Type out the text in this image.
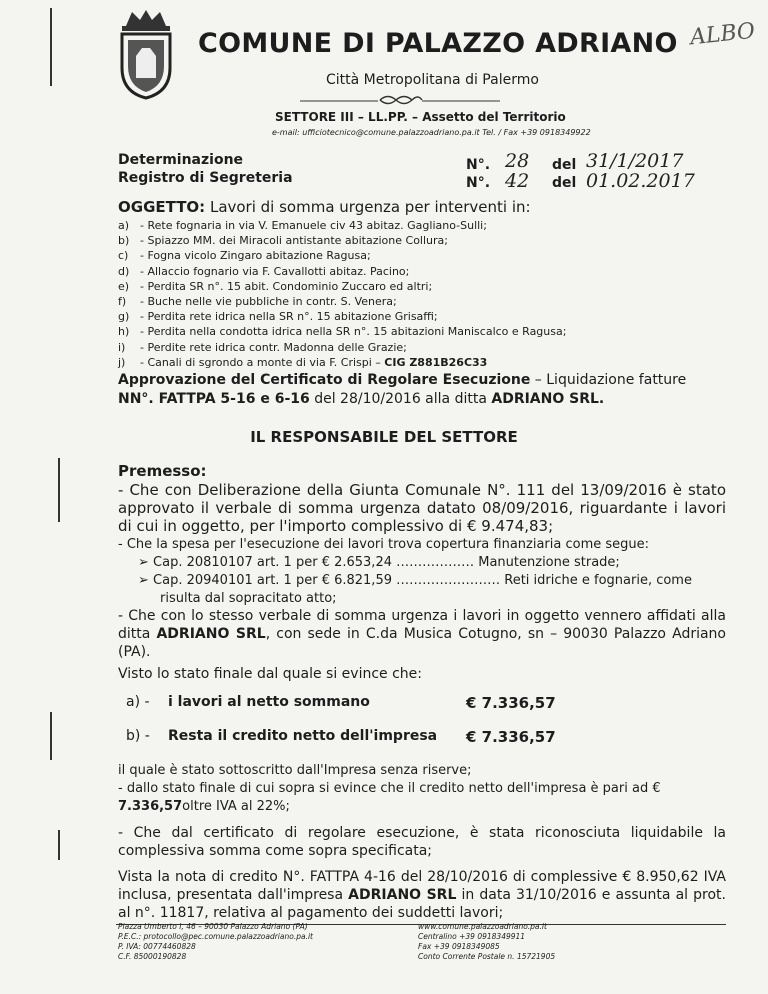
COMUNE DI PALAZZO ADRIANO ALBO
Città Metropolitana di Palermo
SETTORE III – LL.PP. – Assetto del Territorio
e-mail: ufficiotecnico@comune.palazzoadriano.pa.it Tel. / Fax +39 0918349922
Determinazione
Registro di Segreteria
N°.
N°.
28
42
del
del
31/1/2017
01.02.2017
OGGETTO: Lavori di somma urgenza per interventi in:
a) - Rete fognaria in via V. Emanuele civ 43 abitaz. Gagliano-Sulli;
b) - Spiazzo MM. dei Miracoli antistante abitazione Collura;
c) - Fogna vicolo Zingaro abitazione Ragusa;
d) - Allaccio fognario via F. Cavallotti abitaz. Pacino;
e) - Perdita SR n°. 15 abit. Condominio Zuccaro ed altri;
f) - Buche nelle vie pubbliche in contr. S. Venera;
g) - Perdita rete idrica nella SR n°. 15 abitazione Grisaffi;
h) - Perdita nella condotta idrica nella SR n°. 15 abitazioni Maniscalco e Ragusa;
i) - Perdite rete idrica contr. Madonna delle Grazie;
j) - Canali di sgrondo a monte di via F. Crispi – CIG Z881B26C33
Approvazione del Certificato di Regolare Esecuzione – Liquidazione fatture
NN°. FATTPA 5-16 e 6-16 del 28/10/2016 alla ditta ADRIANO SRL.
IL RESPONSABILE DEL SETTORE
Premesso:
- Che con Deliberazione della Giunta Comunale N°. 111 del 13/09/2016 è stato approvato il verbale di somma urgenza datato 08/09/2016, riguardante i lavori di cui in oggetto, per l'importo complessivo di € 9.474,83;
- Che la spesa per l'esecuzione dei lavori trova copertura finanziaria come segue:
➢ Cap. 20810107 art. 1 per € 2.653,24 ……………… Manutenzione strade;
➢ Cap. 20940101 art. 1 per € 6.821,59 …………………… Reti idriche e fognarie, come
risulta dal sopracitato atto;
- Che con lo stesso verbale di somma urgenza i lavori in oggetto vennero affidati alla ditta ADRIANO SRL, con sede in C.da Musica Cotugno, sn – 90030 Palazzo Adriano (PA).
Visto lo stato finale dal quale si evince che:
a) - i lavori al netto sommano	€ 7.336,57
b) - Resta il credito netto dell'impresa € 7.336,57
il quale è stato sottoscritto dall'Impresa senza riserve;
- dallo stato finale di cui sopra si evince che il credito netto dell'impresa è pari ad €
7.336,57oltre IVA al 22%;
- Che dal certificato di regolare esecuzione, è stata riconosciuta liquidabile la complessiva somma come sopra specificata;
Vista la nota di credito N°. FATTPA 4-16 del 28/10/2016 di complessive € 8.950,62 IVA inclusa, presentata dall'impresa ADRIANO SRL in data 31/10/2016 e assunta al prot. al n°. 11817, relativa al pagamento dei suddetti lavori;
Piazza Umberto I, 46 – 90030 Palazzo Adriano (PA)
P.E.C.: protocollo@pec.comune.palazzoadriano.pa.it
P. IVA: 00774460828
C.F. 85000190828
www.comune.palazzoadriano.pa.it
Centralino +39 0918349911
Fax +39 0918349085
Conto Corrente Postale n. 15721905
